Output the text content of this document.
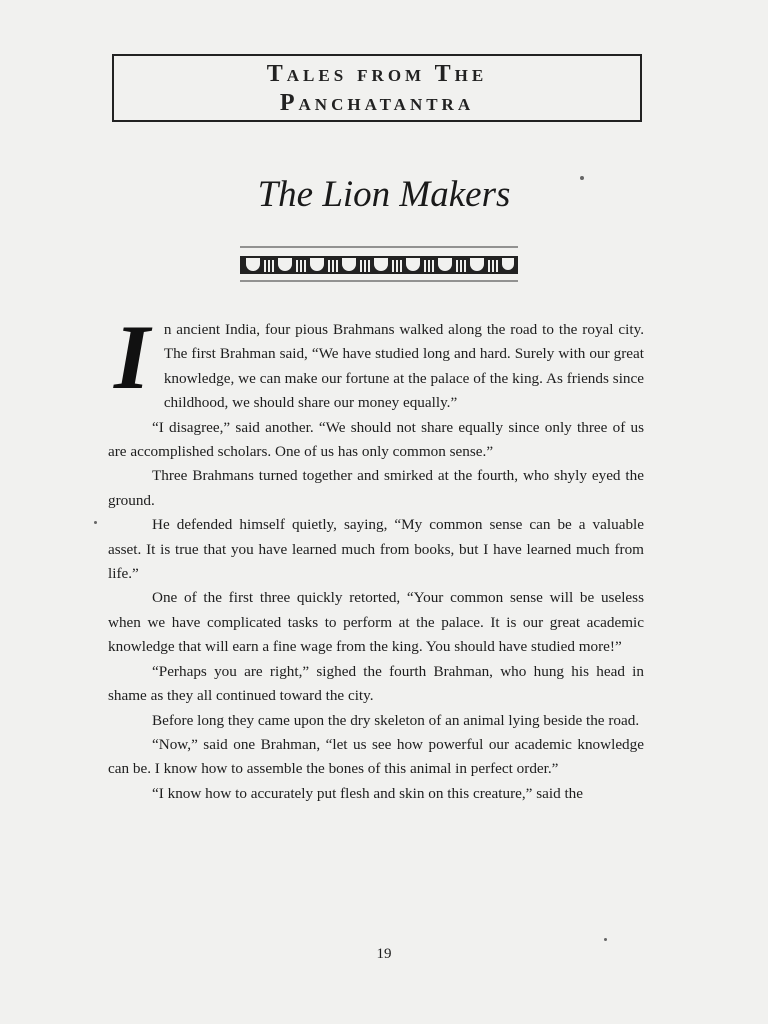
Tales from The
Panchatantra
The Lion Makers

In ancient India, four pious Brahmans walked along the road to the royal city. The first Brahman said, “We have studied long and hard. Surely with our great knowledge, we can make our fortune at the palace of the king. As friends since childhood, we should share our money equally.”

“I disagree,” said another. “We should not share equally since only three of us are accomplished scholars. One of us has only common sense.”

Three Brahmans turned together and smirked at the fourth, who shyly eyed the ground.

He defended himself quietly, saying, “My common sense can be a valuable asset. It is true that you have learned much from books, but I have learned much from life.”

One of the first three quickly retorted, “Your common sense will be useless when we have complicated tasks to perform at the palace. It is our great academic knowledge that will earn a fine wage from the king. You should have studied more!”

“Perhaps you are right,” sighed the fourth Brahman, who hung his head in shame as they all continued toward the city.

Before long they came upon the dry skeleton of an animal lying beside the road.

“Now,” said one Brahman, “let us see how powerful our academic knowledge can be. I know how to assemble the bones of this animal in perfect order.”

“I know how to accurately put flesh and skin on this creature,” said the

19
